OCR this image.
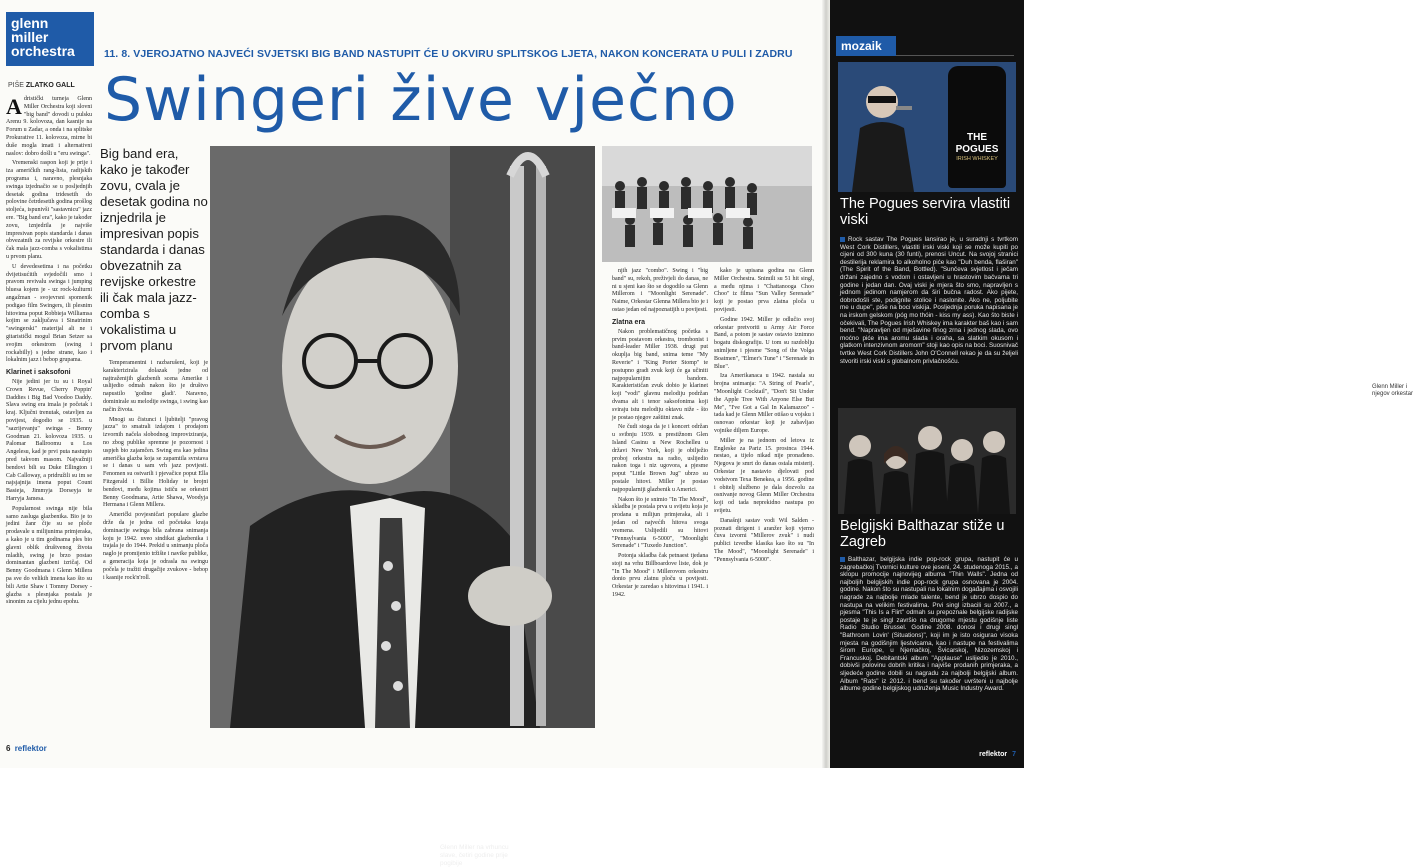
glenn
miller
orchestra	11. 8. VJEROJATNO NAJVEĆI SVJETSKI BIG BAND NASTUPIT ĆE U OKVIRU SPLITSKOG LJETA, NAKON KONCERATA U PULI I ZADRU
PIŠE ZLATKO GALL Swingeri žive vječno

A dristički turneja Glenn Miller Orchestra koji slovni "big band" dovodi u pulsku Arenu 9. kolovoza, dan kasnije na Forum u Zadar, a onda i na splitske Prokurative 11. kolovoza, mirne bi duše mogla imati i alternativni naslov: dobro došli u "eru swinga".

Vremenski raspon koji je prije i iza američkih rang-lista, radijskih programa i, naravno, plesnjaka swinga izjednačio se u posljednjih desetak godina tridesetih do polovine četrdesetih godina prošlog stoljeća, ispunivši "sastavnicu" jazz ere. "Big band era", kako je također zovu, iznjedrila je najviše impresivan popis standarda i danas obvezatnih za revijske orkestre ili čak mala jazz-comba s vokalistima u prvom planu.

U devedesetima i na početku dvijetisućitih svjedočili smo i pravom revivalu swinga i jumping bluesa kojem je - uz rock-kulturni angažman - svojevrsni spomenik podigao film Swingers, ili plesnim hitovima poput Robbieja Williamsa kojim se zaključava i Sinatrinim "swingerski" materijal ali ne i gitaristički mogul Brian Setzer sa svojim orkestrom (swing i rockabilly) s jedne strane, kao i lokalnim jazz i bebop grupama.

Klarinet i saksofoni

Nije jedini jer tu su i Royal Crown Revue, Cherry Poppin' Daddies i Big Bad Voodoo Daddy. Slava swing era imala je početak i kraj. Ključni trenutak, ostavljen za povijest, dogodio se 1935. u "sazrijevanju" swinga - Benny Goodman 21. kolovoza 1935. u Palomar Ballroomu u Los Angelesu, kad je prvi puta nastupio pred takvom masom. Najvažniji bendovi bili su Duke Ellington i Cab Calloway, a pridružili su im se najsjajnija imena poput Count Basieja, Jimmyja Dorseyja te Harryja Jamesa.

Popularnost swinga nije bila samo zasluga glazbenika. Bio je to jedini žanr čije su se ploče prodavale u milijunima primjeraka, a kako je u tim godinama ples bio glavni oblik društvenog života mladih, swing je brzo postao dominantan glazbeni izričaj. Od Benny Goodmana i Glenn Millera pa sve do velikih imena kao što su bili Artie Shaw i Tommy Dorsey - glazba s plesnjaka postala je sinonim za cijelu jednu epohu.

Big band era, kako je također zovu, cvala je desetak godina no iznjedrila je impresivan popis standarda i danas obvezatnih za revijske orkestre ili čak mala jazz-comba s vokalistima u prvom planu
Glenn Miller na vrhuncu slave, četiri godine prije pogibije

Temperamentni i razbarušeni, koji je karakterizirala dolazak jedne od najtraženijih glazbenih scena Amerike i uslijedio odmah nakon što je društvo napustilo 'godine gladi'. Naravno, dominirale su melodije swinga, i swing kao način života.

Mnogi su čistunci i ljubitelji "pravog jazza" to smatrali izdajom i prodajom izvornih načela slobodnog improviziranja, no zbog publike spremne je pozornost i uspjeh bio zajamčen. Swing era kao jedina američka glazba koja se zapamtila svrstava se i danas u sam vrh jazz povijesti. Fenomen su ostvarili i pjevačice poput Ella Fitzgerald i Billie Holiday te brojni bendovi, među kojima ističu se orkestri Benny Goodmana, Artie Shawa, Woodyja Hermana i Glenn Millera.

Američki povjesničari populare glazbe drže da je jedna od početaka kraja dominacije swinga bila zabrana snimanja koju je 1942. uveo sindikat glazbenika i trajala je do 1944. Prekid u snimanju ploča naglo je promijenio tržište i navike publike, a generacija koja je odrasla na swingu počela je tražiti drugačije zvukove - bebop i kasnije rock'n'roll.

Glenn Miller i njegov orkestar

njih jazz "combo". Swing i "big band" su, rekoh, preživjeli do danas, ne ni u sjeni kao što se dogodilo sa Glenn Millerom i "Moonlight Serenade". Naime, Orkestar Glenna Millera bio je i ostao jedan od najpoznatijih u povijesti.

Zlatna era

Nakon problematičnog početka s prvim postavom orkestra, trombonist i band-leader Miller 1938. drugi put okuplja big band, snima teme "My Reverie" i "King Porter Stomp" te postupno gradi zvuk koji će ga učiniti najpopularnijim bandom. Karakterističan zvuk dobio je klarinet koji "vodi" glavnu melodiju podržan dvama alt i tenor saksofonima koji sviraju istu melodiju oktavu niže - što je postao njegov zaštitni znak.

Ne čudi stoga da je i koncert održan u svibnju 1939. u prestižnom Glen Island Casinu u New Rochelleu u državi New York, koji je obilježio proboj orkestra na radio, uslijedio nakon toga i niz ugovora, a pjesme poput "Little Brown Jug" ubrzo su postale hitovi. Miller je postao najpopularniji glazbenik u Americi.

Nakon što je snimio "In The Mood", skladba je postala prva u svijetu koja je prodana u milijun primjeraka, ali i jedan od najvećih hitova svoga vremena. Uslijedili su hitovi "Pennsylvania 6-5000", "Moonlight Serenade" i "Tuxedo Junction".

Potonja skladba čak petnaest tjedana stoji na vrhu Billboardove liste, dok je "In The Mood" i Millerovom orkestru donio prvu zlatnu ploču u povijesti. Orkestar je zaredao s hitovima i 1941. i 1942.

kako je upisana godina na Glenn Miller Orchestra. Snimili su 51 hit singl, a među njima i "Chattanooga Choo Choo" iz filma "Sun Valley Serenade" koji je postao prva zlatna ploča u povijesti.

Godine 1942. Miller je odlučio svoj orkestar pretvoriti u Army Air Force Band, a potom je sastav ostavio iznimno bogatu diskografiju. U tom su razdoblju snimljene i pjesme "Song of the Volga Boatmen", "Elmer's Tune" i "Serenade in Blue".

Iza Amerikanaca u 1942. nastala su brojna snimanja: "A String of Pearls", "Moonlight Cocktail", "Don't Sit Under the Apple Tree With Anyone Else But Me", "I've Got a Gal In Kalamazoo" - tada kad je Glenn Miller otišao u vojsku i osnovao orkestar koji je zabavljao vojnike diljem Europe.

Miller je na jednom od letova iz Engleske za Pariz 15. prosinca 1944. nestao, a tijelo nikad nije pronađeno. Njegova je smrt do danas ostala misterij. Orkestar je nastavio djelovati pod vodstvom Texa Benekea, a 1956. godine i obitelj službeno je dala dozvolu za osnivanje novog Glenn Miller Orchestra koji od tada neprekidno nastupa po svijetu.

Današnji sastav vodi Wil Salden - poznati dirigent i aranžer koji vjerno čuva izvorni "Millerov zvuk" i nudi publici izvedbe klasika kao što su "In The Mood", "Moonlight Serenade" i "Pennsylvania 6-5000".

6 reflektor
mozaik
THE POGUES
IRISH WHISKEY
The Pogues servira vlastiti viski
Rock sastav The Pogues lansirao je, u suradnji s tvrtkom West Cork Distillers, vlastiti irski viski koji se može kupiti po cijeni od 300 kuna (30 funti), prenosi Uncut. Na svojoj stranici destilerija reklamira to alkoholno piće kao "Duh benda, flaširan" (The Spirit of the Band, Bottled). "Sunčeva svjetlost i ječam držani zajedno s vodom i ostavljeni u hrastovim bačvama tri godine i jedan dan. Ovaj viski je mjera što smo, napravljen s jednom jedinom namjerom da širi bučna radost. Ako pijete, dobrodošli ste, podignite stolice i naslonite. Ako ne, poljubite me u dupe", piše na boci viskija. Posljednja poruka napisana je na irskom gelskom (póg mo thóin - kiss my ass). Kao što biste i očekivali, The Pogues Irish Whiskey ima karakter baš kao i sam bend. "Napravljen od mješavine finog zrna i jednog slada, ovo moćno piće ima aromu slada i oraha, sa slatkim okusom i glatkom intenzivnom aromom" stoji kao opis na boci. Suosnivač tvrtke West Cork Distillers John O'Connell rekao je da su željeli stvoriti irski viski s globalnom privlačnošću.
Belgijski Balthazar stiže u Zagreb
Balthazar, belgijska indie pop-rock grupa, nastupit će u zagrebačkoj Tvornici kulture ove jeseni, 24. studenoga 2015., a sklopu promocije najnovijeg albuma "Thin Walls". Jedna od najboljih belgijskih indie pop-rock grupa osnovana je 2004. godine. Nakon što su nastupali na lokalnim događajima i osvojili nagrade za najbolje mlade talente, bend je ubrzo dospio do nastupa na velikim festivalima. Prvi singl izbacili su 2007., a pjesma "This Is a Flirt" odmah su prepoznale belgijske radijske postaje te je singl završio na drugome mjestu godišnje liste Radio Studio Brussel. Godine 2008. donosi i drugi singl "Bathroom Lovin' (Situations)", koji im je isto osigurao visoka mjesta na godišnjim ljestvicama, kao i nastupe na festivalima širom Europe, u Njemačkoj, Švicarskoj, Nizozemskoj i Francuskoj. Debitantski album "Applause" uslijedio je 2010., dobivši polovinu dobrih kritika i najviše prodanih primjeraka, a sljedeće godine dobili su nagradu za najbolji belgijski album. Album "Rats" iz 2012. i bend su također uvršteni u najbolje albume godine belgijskog udruženja Music Industry Award.
reflektor 7
